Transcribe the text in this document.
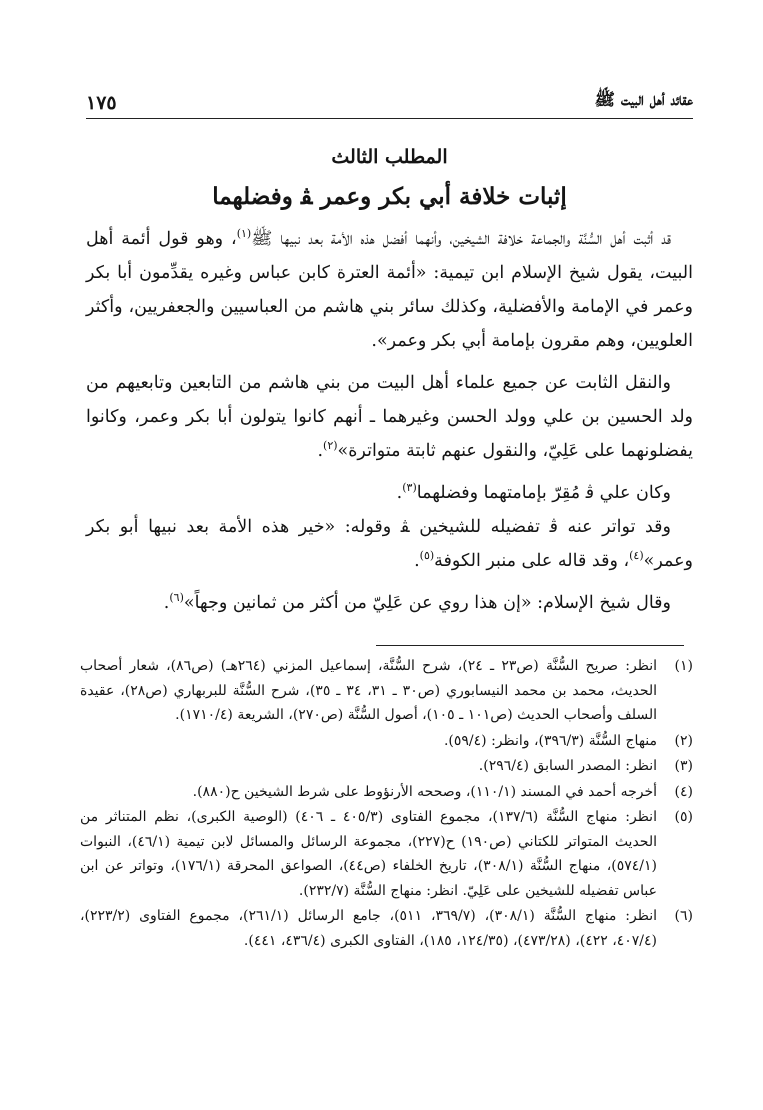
عقائد أهل البيت ﷺ
١٧٥
المطلب الثالث
إثبات خلافة أبي بكر وعمر ﭭ وفضلهما

قد أثبت أهل السُّنَّة والجماعة خلافة الشيخين، وأنهما أفضل هذه الأمة بعد نبيها ﷺ$^{(١)}$، وهو قول أئمة أهل البيت، يقول شيخ الإسلام ابن تيمية: «أئمة العترة كابن عباس وغيره يقدِّمون أبا بكر وعمر في الإمامة والأفضلية، وكذلك سائر بني هاشم من العباسيين والجعفريين، وأكثر العلويين، وهم مقرون بإمامة أبي بكر وعمر».

والنقل الثابت عن جميع علماء أهل البيت من بني هاشم من التابعين وتابعيهم من ولد الحسين بن علي وولد الحسن وغيرهما ـ أنهم كانوا يتولون أبا بكر وعمر، وكانوا يفضلونهما على عَلِيّ، والنقول عنهم ثابتة متواترة»$^{(٢)}$.

وكان علي ﭬ مُقِرّ بإمامتهما وفضلهما$^{(٣)}$.

وقد تواتر عنه ﭬ تفضيله للشيخين ﭭ وقوله: «خير هذه الأمة بعد نبيها أبو بكر وعمر»$^{(٤)}$، وقد قاله على منبر الكوفة$^{(٥)}$.

وقال شيخ الإسلام: «إن هذا روي عن عَلِيّ من أكثر من ثمانين وجهاً»$^{(٦)}$.

(١)
انظر: صريح السُّنَّة (ص٢٣ ـ ٢٤)، شرح السُّنَّة، إسماعيل المزني (٢٦٤هـ) (ص٨٦)، شعار أصحاب الحديث، محمد بن محمد النيسابوري (ص٣٠ ـ ٣١، ٣٤ ـ ٣٥)، شرح السُّنَّة للبربهاري (ص٢٨)، عقيدة السلف وأصحاب الحديث (ص١٠١ ـ ١٠٥)، أصول السُّنَّة (ص٢٧٠)، الشريعة (١٧١٠/٤).
(٢)
منهاج السُّنَّة (٣٩٦/٣)، وانظر: (٥٩/٤).
(٣)
انظر: المصدر السابق (٢٩٦/٤).
(٤)
أخرجه أحمد في المسند (١١٠/١)، وصححه الأرنؤوط على شرط الشيخين ح(٨٨٠).
(٥)
انظر: منهاج السُّنَّة (١٣٧/٦)، مجموع الفتاوى (٤٠٥/٣ ـ ٤٠٦) (الوصية الكبرى)، نظم المتناثر من الحديث المتواتر للكتاني (ص١٩٠) ح(٢٢٧)، مجموعة الرسائل والمسائل لابن تيمية (٤٦/١)، النبوات (٥٧٤/١)، منهاج السُّنَّة (٣٠٨/١)، تاريخ الخلفاء (ص٤٤)، الصواعق المحرقة (١٧٦/١)، وتواتر عن ابن عباس تفضيله للشيخين على عَلِيّ. انظر: منهاج السُّنَّة (٢٣٢/٧).
(٦)
انظر: منهاج السُّنَّة (٣٠٨/١)، (٣٦٩/٧، ٥١١)، جامع الرسائل (٢٦١/١)، مجموع الفتاوى (٢٢٣/٢)، (٤٠٧/٤، ٤٢٢)، (٤٧٣/٢٨)، (١٢٤/٣٥، ١٨٥)، الفتاوى الكبرى (٤٣٦/٤، ٤٤١).
